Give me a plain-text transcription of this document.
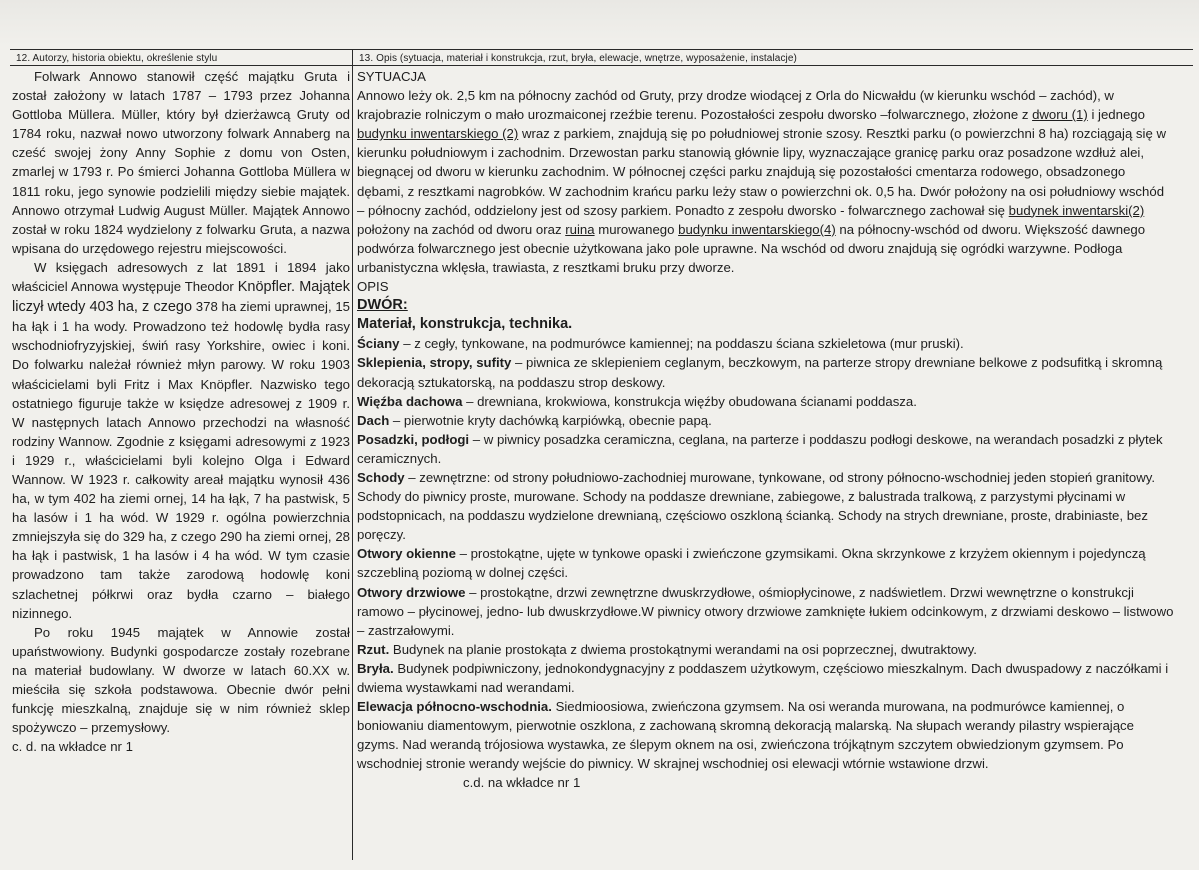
12. Autorzy, historia obiektu, określenie stylu	13. Opis (sytuacja, materiał i konstrukcja, rzut, bryła, elewacje, wnętrze, wyposażenie, instalacje)

Folwark Annowo stanowił część majątku Gruta i został założony w latach 1787 – 1793 przez Johanna Gottloba Müllera. Müller, który był dzierżawcą Gruty od 1784 roku, nazwał nowo utworzony folwark Annaberg na cześć swojej żony Anny Sophie z domu von Osten, zmarlej w 1793 r. Po śmierci Johanna Gottloba Müllera w 1811 roku, jego synowie podzielili między siebie majątek. Annowo otrzymał Ludwig August Müller. Majątek Annowo został w roku 1824 wydzielony z folwarku Gruta, a nazwa wpisana do urzędowego rejestru miejscowości.

W księgach adresowych z lat 1891 i 1894 jako właściciel Annowa występuje Theodor Knöpfler. Majątek liczył wtedy 403 ha, z czego 378 ha ziemi uprawnej, 15 ha łąk i 1 ha wody. Prowadzono też hodowlę bydła rasy wschodniofryzyjskiej, świń rasy Yorkshire, owiec i koni. Do folwarku należał również młyn parowy. W roku 1903 właścicielami byli Fritz i Max Knöpfler. Nazwisko tego ostatniego figuruje także w księdze adresowej z 1909 r. W następnych latach Annowo przechodzi na własność rodziny Wannow. Zgodnie z księgami adresowymi z 1923 i 1929 r., właścicielami byli kolejno Olga i Edward Wannow. W 1923 r. całkowity areał majątku wynosił 436 ha, w tym 402 ha ziemi ornej, 14 ha łąk, 7 ha pastwisk, 5 ha lasów i 1 ha wód. W 1929 r. ogólna powierzchnia zmniejszyła się do 329 ha, z czego 290 ha ziemi ornej, 28 ha łąk i pastwisk, 1 ha lasów i 4 ha wód. W tym czasie prowadzono tam także zarodową hodowlę koni szlachetnej półkrwi oraz bydła czarno – białego nizinnego.

Po roku 1945 majątek w Annowie został upaństwowiony. Budynki gospodarcze zostały rozebrane na materiał budowlany. W dworze w latach 60.XX w. mieściła się szkoła podstawowa. Obecnie dwór pełni funkcję mieszkalną, znajduje się w nim również sklep spożywczo – przemysłowy.

c. d. na wkładce nr 1

SYTUACJA

Annowo leży ok. 2,5 km na północny zachód od Gruty, przy drodze wiodącej z Orla do Nicwałdu (w kierunku wschód – zachód), w krajobrazie rolniczym o mało urozmaiconej rzeźbie terenu. Pozostałości zespołu dworsko –folwarcznego, złożone z dworu (1) i jednego budynku inwentarskiego (2) wraz z parkiem, znajdują się po południowej stronie szosy. Resztki parku (o powierzchni 8 ha) rozciągają się w kierunku południowym i zachodnim. Drzewostan parku stanowią głównie lipy, wyznaczające granicę parku oraz posadzone wzdłuż alei, biegnącej od dworu w kierunku zachodnim. W północnej części parku znajdują się pozostałości cmentarza rodowego, obsadzonego dębami, z resztkami nagrobków. W zachodnim krańcu parku leży staw o powierzchni ok. 0,5 ha. Dwór położony na osi południowy wschód – północny zachód, oddzielony jest od szosy parkiem. Ponadto z zespołu dworsko - folwarcznego zachował się budynek inwentarski(2) położony na zachód od dworu oraz ruina murowanego budynku inwentarskiego(4) na północny-wschód od dworu. Większość dawnego podwórza folwarcznego jest obecnie użytkowana jako pole uprawne. Na wschód od dworu znajdują się ogródki warzywne. Podłoga urbanistyczna wklęsła, trawiasta, z resztkami bruku przy dworze.

OPIS

DWÓR:

Materiał, konstrukcja, technika.

Ściany – z cegły, tynkowane, na podmurówce kamiennej; na poddaszu ściana szkieletowa (mur pruski).

Sklepienia, stropy, sufity – piwnica ze sklepieniem ceglanym, beczkowym, na parterze stropy drewniane belkowe z podsufitką i skromną dekoracją sztukatorską, na poddaszu strop deskowy.

Więźba dachowa – drewniana, krokwiowa, konstrukcja więźby obudowana ścianami poddasza.

Dach – pierwotnie kryty dachówką karpiówką, obecnie papą.

Posadzki, podłogi – w piwnicy posadzka ceramiczna, ceglana, na parterze i poddaszu podłogi deskowe, na werandach posadzki z płytek ceramicznych.

Schody – zewnętrzne: od strony południowo-zachodniej murowane, tynkowane, od strony północno-wschodniej jeden stopień granitowy. Schody do piwnicy proste, murowane. Schody na poddasze drewniane, zabiegowe, z balustrada tralkową, z parzystymi płycinami w podstopnicach, na poddaszu wydzielone drewnianą, częściowo oszkloną ścianką. Schody na strych drewniane, proste, drabiniaste, bez poręczy.

Otwory okienne – prostokątne, ujęte w tynkowe opaski i zwieńczone gzymsikami. Okna skrzynkowe z krzyżem okiennym i pojedynczą szczebliną poziomą w dolnej części.

Otwory drzwiowe – prostokątne, drzwi zewnętrzne dwuskrzydłowe, ośmiopłycinowe, z nadświetlem. Drzwi wewnętrzne o konstrukcji ramowo – płycinowej, jedno- lub dwuskrzydłowe.W piwnicy otwory drzwiowe zamknięte łukiem odcinkowym, z drzwiami deskowo – listwowo – zastrzałowymi.

Rzut. Budynek na planie prostokąta z dwiema prostokątnymi werandami na osi poprzecznej, dwutraktowy.

Bryła. Budynek podpiwniczony, jednokondygnacyjny z poddaszem użytkowym, częściowo mieszkalnym. Dach dwuspadowy z naczółkami i dwiema wystawkami nad werandami.

Elewacja północno-wschodnia. Siedmioosiowa, zwieńczona gzymsem. Na osi weranda murowana, na podmurówce kamiennej, o boniowaniu diamentowym, pierwotnie oszklona, z zachowaną skromną dekoracją malarską. Na słupach werandy pilastry wspierające gzyms. Nad werandą trójosiowa wystawka, ze ślepym oknem na osi, zwieńczona trójkątnym szczytem obwiedzionym gzymsem. Po wschodniej stronie werandy wejście do piwnicy. W skrajnej wschodniej osi elewacji wtórnie wstawione drzwi.

c.d. na wkładce nr 1
